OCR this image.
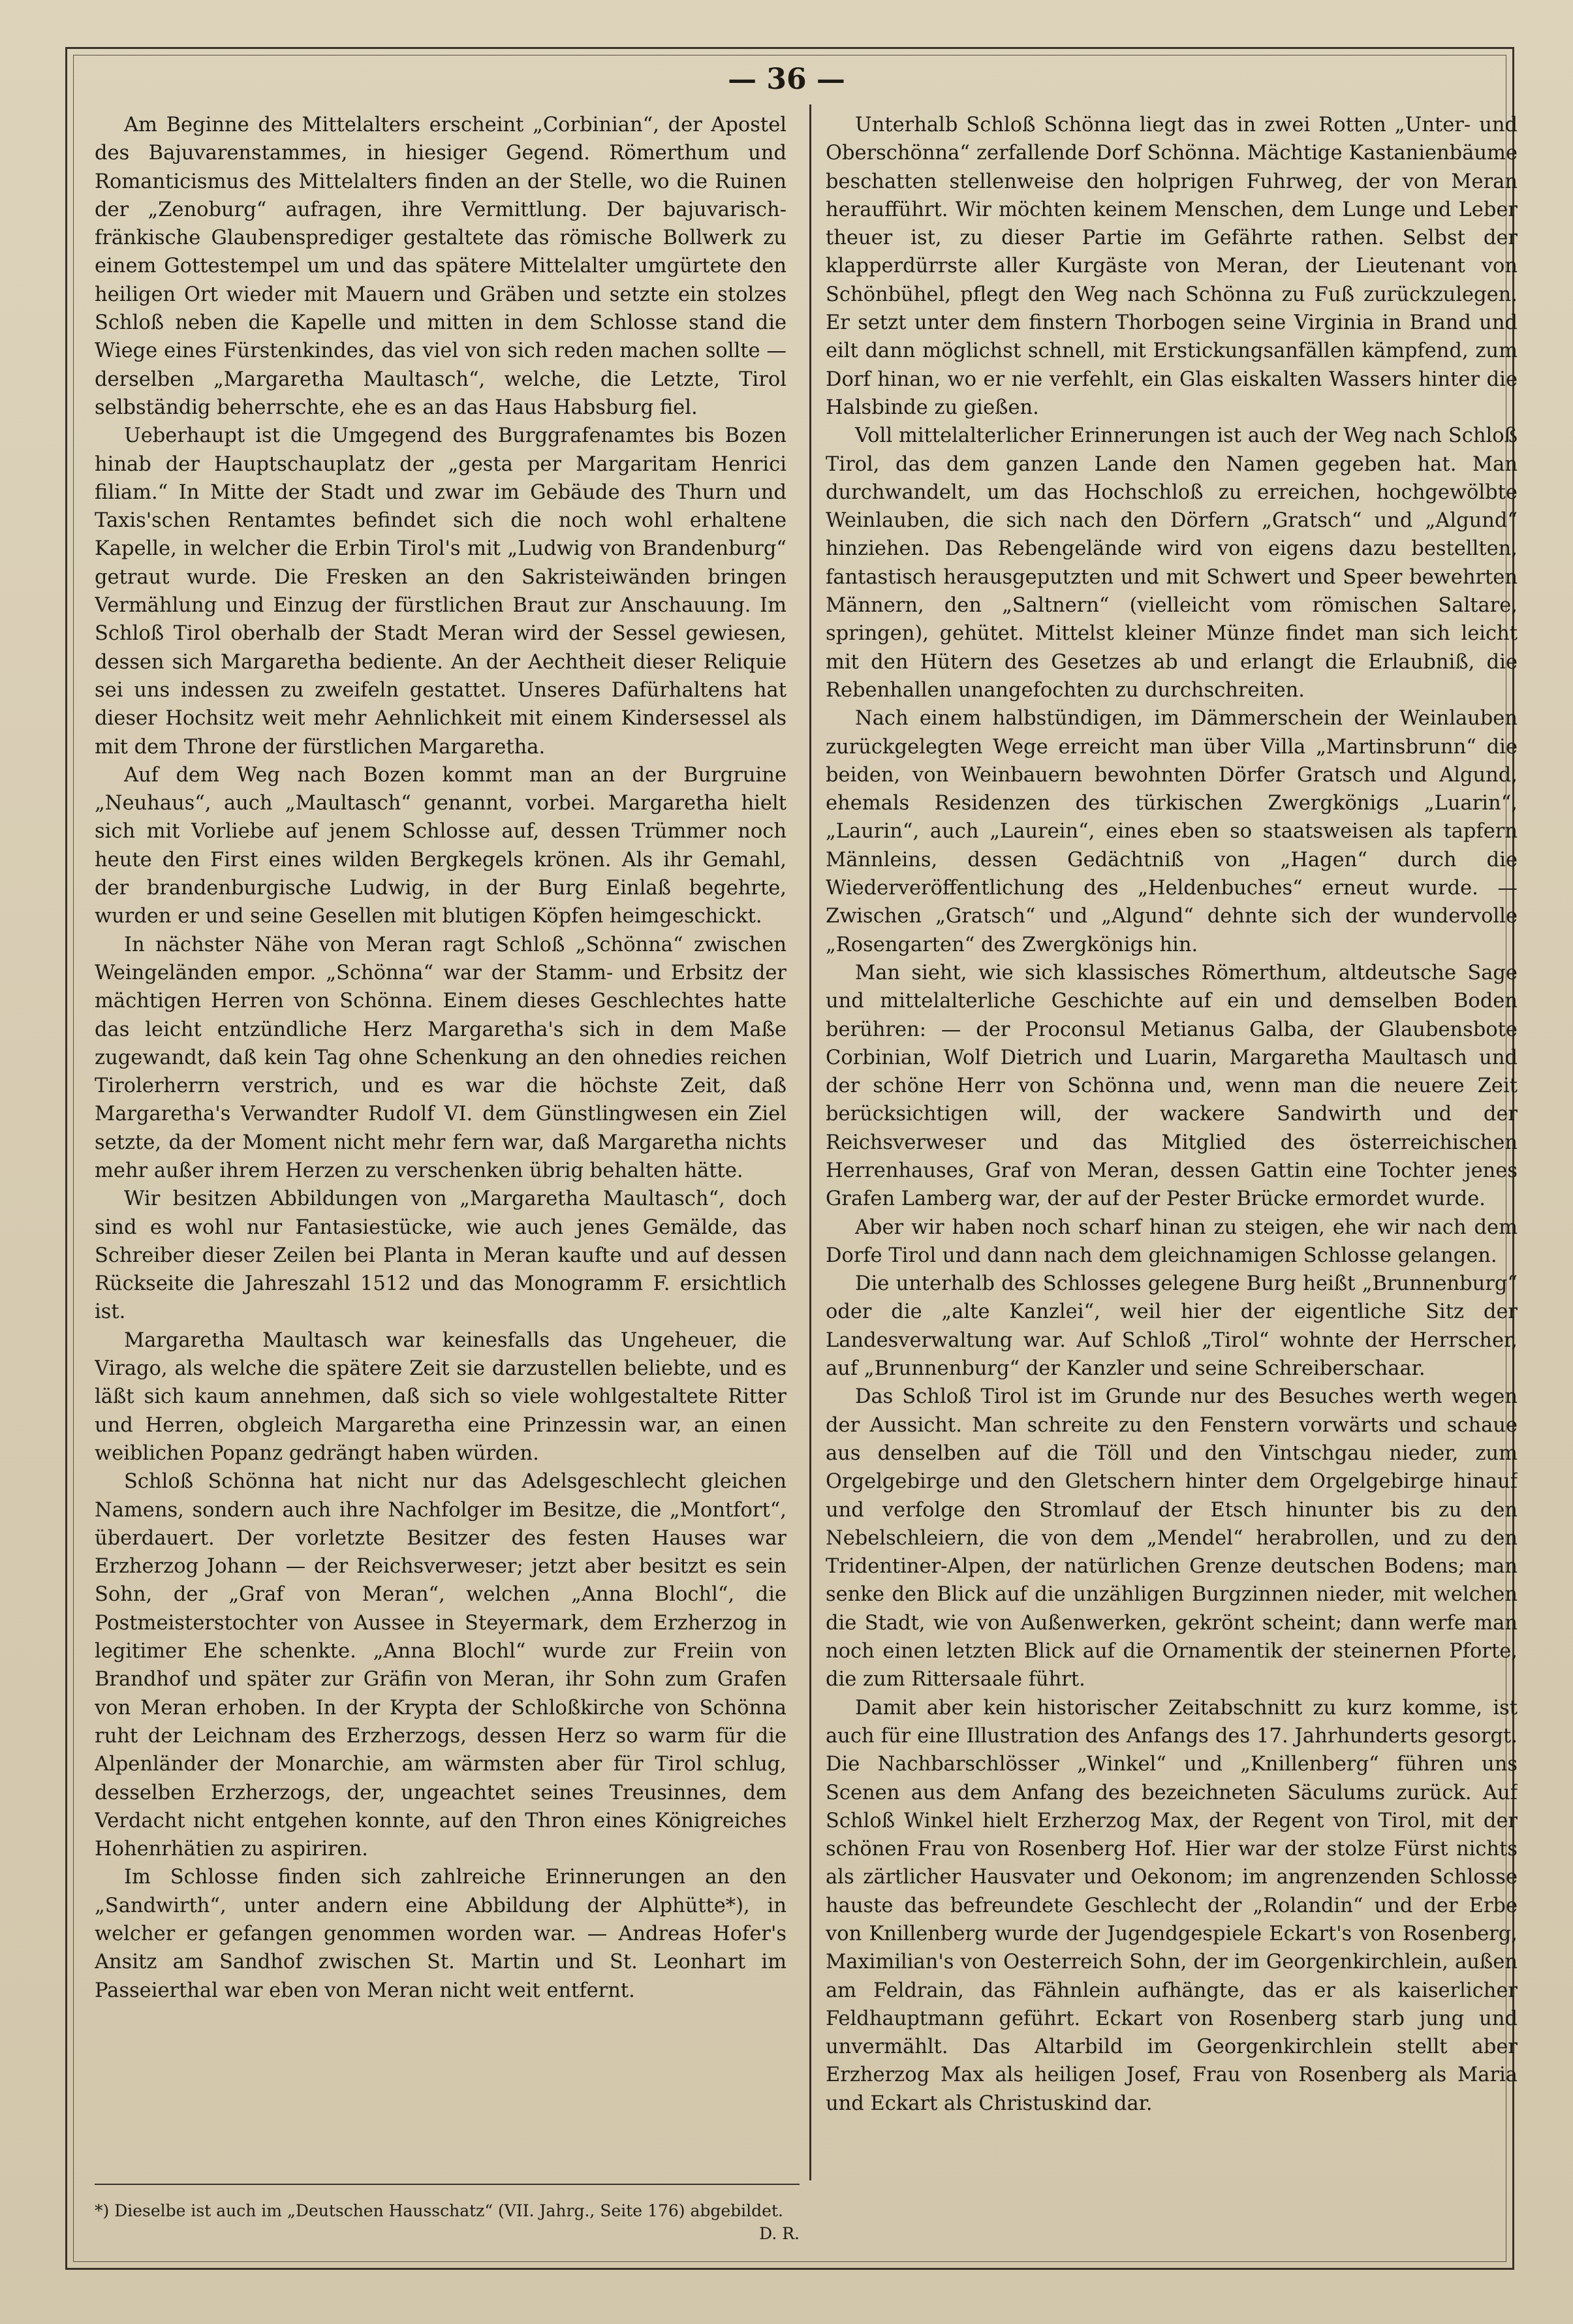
— 36 —

Am Beginne des Mittelalters erscheint „Corbinian“, der Apostel des Bajuvarenstammes, in hiesiger Gegend. Römerthum und Romanticismus des Mittelalters finden an der Stelle, wo die Ruinen der „Zenoburg“ aufragen, ihre Vermittlung. Der bajuvarisch-fränkische Glaubensprediger gestaltete das römische Bollwerk zu einem Gottestempel um und das spätere Mittelalter umgürtete den heiligen Ort wieder mit Mauern und Gräben und setzte ein stolzes Schloß neben die Kapelle und mitten in dem Schlosse stand die Wiege eines Fürstenkindes, das viel von sich reden machen sollte — derselben „Margaretha Maultasch“, welche, die Letzte, Tirol selbständig beherrschte, ehe es an das Haus Habsburg fiel.

Ueberhaupt ist die Umgegend des Burggrafenamtes bis Bozen hinab der Hauptschauplatz der „gesta per Margaritam Henrici filiam.“ In Mitte der Stadt und zwar im Gebäude des Thurn und Taxis'schen Rentamtes befindet sich die noch wohl erhaltene Kapelle, in welcher die Erbin Tirol's mit „Ludwig von Brandenburg“ getraut wurde. Die Fresken an den Sakristeiwänden bringen Vermählung und Einzug der fürstlichen Braut zur Anschauung. Im Schloß Tirol oberhalb der Stadt Meran wird der Sessel gewiesen, dessen sich Margaretha bediente. An der Aechtheit dieser Reliquie sei uns indessen zu zweifeln gestattet. Unseres Dafürhaltens hat dieser Hochsitz weit mehr Aehnlichkeit mit einem Kindersessel als mit dem Throne der fürstlichen Margaretha.

Auf dem Weg nach Bozen kommt man an der Burgruine „Neuhaus“, auch „Maultasch“ genannt, vorbei. Margaretha hielt sich mit Vorliebe auf jenem Schlosse auf, dessen Trümmer noch heute den First eines wilden Bergkegels krönen. Als ihr Gemahl, der brandenburgische Ludwig, in der Burg Einlaß begehrte, wurden er und seine Gesellen mit blutigen Köpfen heimgeschickt.

In nächster Nähe von Meran ragt Schloß „Schönna“ zwischen Weingeländen empor. „Schönna“ war der Stamm- und Erbsitz der mächtigen Herren von Schönna. Einem dieses Geschlechtes hatte das leicht entzündliche Herz Margaretha's sich in dem Maße zugewandt, daß kein Tag ohne Schenkung an den ohnedies reichen Tirolerherrn verstrich, und es war die höchste Zeit, daß Margaretha's Verwandter Rudolf VI. dem Günstlingwesen ein Ziel setzte, da der Moment nicht mehr fern war, daß Margaretha nichts mehr außer ihrem Herzen zu verschenken übrig behalten hätte.

Wir besitzen Abbildungen von „Margaretha Maultasch“, doch sind es wohl nur Fantasiestücke, wie auch jenes Gemälde, das Schreiber dieser Zeilen bei Planta in Meran kaufte und auf dessen Rückseite die Jahreszahl 1512 und das Monogramm F. ersichtlich ist.

Margaretha Maultasch war keinesfalls das Ungeheuer, die Virago, als welche die spätere Zeit sie darzustellen beliebte, und es läßt sich kaum annehmen, daß sich so viele wohlgestaltete Ritter und Herren, obgleich Margaretha eine Prinzessin war, an einen weiblichen Popanz gedrängt haben würden.

Schloß Schönna hat nicht nur das Adelsgeschlecht gleichen Namens, sondern auch ihre Nachfolger im Besitze, die „Montfort“, überdauert. Der vorletzte Besitzer des festen Hauses war Erzherzog Johann — der Reichsverweser; jetzt aber besitzt es sein Sohn, der „Graf von Meran“, welchen „Anna Blochl“, die Postmeisterstochter von Aussee in Steyermark, dem Erzherzog in legitimer Ehe schenkte. „Anna Blochl“ wurde zur Freiin von Brandhof und später zur Gräfin von Meran, ihr Sohn zum Grafen von Meran erhoben. In der Krypta der Schloßkirche von Schönna ruht der Leichnam des Erzherzogs, dessen Herz so warm für die Alpenländer der Monarchie, am wärmsten aber für Tirol schlug, desselben Erzherzogs, der, ungeachtet seines Treusinnes, dem Verdacht nicht entgehen konnte, auf den Thron eines Königreiches Hohenrhätien zu aspiriren.

Im Schlosse finden sich zahlreiche Erinnerungen an den „Sandwirth“, unter andern eine Abbildung der Alphütte*), in welcher er gefangen genommen worden war. — Andreas Hofer's Ansitz am Sandhof zwischen St. Martin und St. Leonhart im Passeierthal war eben von Meran nicht weit entfernt.

Unterhalb Schloß Schönna liegt das in zwei Rotten „Unter- und Oberschönna“ zerfallende Dorf Schönna. Mächtige Kastanienbäume beschatten stellenweise den holprigen Fuhrweg, der von Meran heraufführt. Wir möchten keinem Menschen, dem Lunge und Leber theuer ist, zu dieser Partie im Gefährte rathen. Selbst der klapperdürrste aller Kurgäste von Meran, der Lieutenant von Schönbühel, pflegt den Weg nach Schönna zu Fuß zurückzulegen. Er setzt unter dem finstern Thorbogen seine Virginia in Brand und eilt dann möglichst schnell, mit Erstickungsanfällen kämpfend, zum Dorf hinan, wo er nie verfehlt, ein Glas eiskalten Wassers hinter die Halsbinde zu gießen.

Voll mittelalterlicher Erinnerungen ist auch der Weg nach Schloß Tirol, das dem ganzen Lande den Namen gegeben hat. Man durchwandelt, um das Hochschloß zu erreichen, hochgewölbte Weinlauben, die sich nach den Dörfern „Gratsch“ und „Algund“ hinziehen. Das Rebengelände wird von eigens dazu bestellten, fantastisch herausgeputzten und mit Schwert und Speer bewehrten Männern, den „Saltnern“ (vielleicht vom römischen Saltare, springen), gehütet. Mittelst kleiner Münze findet man sich leicht mit den Hütern des Gesetzes ab und erlangt die Erlaubniß, die Rebenhallen unangefochten zu durchschreiten.

Nach einem halbstündigen, im Dämmerschein der Weinlauben zurückgelegten Wege erreicht man über Villa „Martinsbrunn“ die beiden, von Weinbauern bewohnten Dörfer Gratsch und Algund, ehemals Residenzen des türkischen Zwergkönigs „Luarin“, „Laurin“, auch „Laurein“, eines eben so staatsweisen als tapfern Männleins, dessen Gedächtniß von „Hagen“ durch die Wiederveröffentlichung des „Heldenbuches“ erneut wurde. — Zwischen „Gratsch“ und „Algund“ dehnte sich der wundervolle „Rosengarten“ des Zwergkönigs hin.

Man sieht, wie sich klassisches Römerthum, altdeutsche Sage und mittelalterliche Geschichte auf ein und demselben Boden berühren: — der Proconsul Metianus Galba, der Glaubensbote Corbinian, Wolf Dietrich und Luarin, Margaretha Maultasch und der schöne Herr von Schönna und, wenn man die neuere Zeit berücksichtigen will, der wackere Sandwirth und der Reichsverweser und das Mitglied des österreichischen Herrenhauses, Graf von Meran, dessen Gattin eine Tochter jenes Grafen Lamberg war, der auf der Pester Brücke ermordet wurde.

Aber wir haben noch scharf hinan zu steigen, ehe wir nach dem Dorfe Tirol und dann nach dem gleichnamigen Schlosse gelangen.

Die unterhalb des Schlosses gelegene Burg heißt „Brunnenburg“ oder die „alte Kanzlei“, weil hier der eigentliche Sitz der Landesverwaltung war. Auf Schloß „Tirol“ wohnte der Herrscher, auf „Brunnenburg“ der Kanzler und seine Schreiberschaar.

Das Schloß Tirol ist im Grunde nur des Besuches werth wegen der Aussicht. Man schreite zu den Fenstern vorwärts und schaue aus denselben auf die Töll und den Vintschgau nieder, zum Orgelgebirge und den Gletschern hinter dem Orgelgebirge hinauf und verfolge den Stromlauf der Etsch hinunter bis zu den Nebelschleiern, die von dem „Mendel“ herabrollen, und zu den Tridentiner-Alpen, der natürlichen Grenze deutschen Bodens; man senke den Blick auf die unzähligen Burgzinnen nieder, mit welchen die Stadt, wie von Außenwerken, gekrönt scheint; dann werfe man noch einen letzten Blick auf die Ornamentik der steinernen Pforte, die zum Rittersaale führt.

Damit aber kein historischer Zeitabschnitt zu kurz komme, ist auch für eine Illustration des Anfangs des 17. Jahrhunderts gesorgt. Die Nachbarschlösser „Winkel“ und „Knillenberg“ führen uns Scenen aus dem Anfang des bezeichneten Säculums zurück. Auf Schloß Winkel hielt Erzherzog Max, der Regent von Tirol, mit der schönen Frau von Rosenberg Hof. Hier war der stolze Fürst nichts als zärtlicher Hausvater und Oekonom; im angrenzenden Schlosse hauste das befreundete Geschlecht der „Rolandin“ und der Erbe von Knillenberg wurde der Jugendgespiele Eckart's von Rosenberg, Maximilian's von Oesterreich Sohn, der im Georgenkirchlein, außen am Feldrain, das Fähnlein aufhängte, das er als kaiserlicher Feldhauptmann geführt. Eckart von Rosenberg starb jung und unvermählt. Das Altarbild im Georgenkirchlein stellt aber Erzherzog Max als heiligen Josef, Frau von Rosenberg als Maria und Eckart als Christuskind dar.

*) Dieselbe ist auch im „Deutschen Hausschatz“ (VII. Jahrg., Seite 176) abgebildet.
D. R.
